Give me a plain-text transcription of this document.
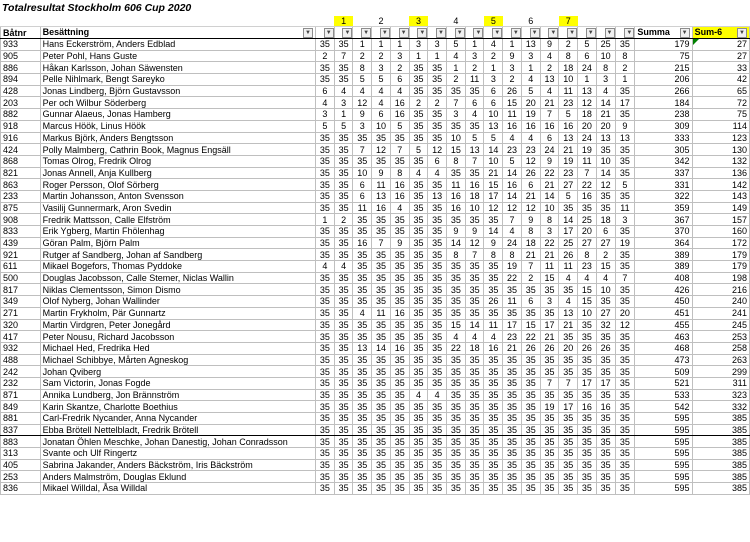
Totalresultat Stockholm 606 Cup 2020
			1		2		3		4		5		6		7					
Båtnr	Besättning ▼	▼	▼	▼	▼	▼	▼	▼	▼	▼	▼	▼	▼	▼	▼	▼	▼	▼	Summa ▼	Sum-6 ▼

933	Hans Eckerström, Anders Edblad	35	35	1	1	1	3	3	5	1	4	1	13	9	2	5	25	35	179	27

905	Peter Pohl, Hans Guste	2	7	2	2	3	1	1	4	3	2	9	3	4	8	6	10	8	75	27
886	Håkan Karlsson, Johan Säwensten	35	35	8	3	2	35	35	1	2	1	3	1	2	18	24	8	2	215	33
894	Pelle Nihlmark, Bengt Sareyko	35	35	5	5	6	35	35	2	11	3	2	4	13	10	1	3	1	206	42
428	Jonas Lindberg, Björn Gustavsson	6	4	4	4	4	35	35	35	35	6	26	5	4	11	13	4	35	266	65
203	Per och Wilbur Söderberg	4	3	12	4	16	2	2	7	6	6	15	20	21	23	12	14	17	184	72
882	Gunnar Alaeus, Jonas Hamberg	3	1	9	6	16	35	35	3	4	10	11	19	7	5	18	21	35	238	75
918	Marcus Höök, Linus Höök	5	5	3	10	5	35	35	35	35	13	16	16	16	16	20	20	9	309	114
916	Markus Björk, Anders Bengtsson	35	35	35	35	35	35	35	10	5	5	4	4	6	13	24	13	13	333	123
424	Polly Malmberg, Cathrin Book, Magnus Engsäll	35	35	7	12	7	5	12	15	13	14	23	23	24	21	19	35	35	305	130
868	Tomas Olrog, Fredrik Olrog	35	35	35	35	35	35	6	8	7	10	5	12	9	19	11	10	35	342	132
821	Jonas Annell, Anja Kullberg	35	35	10	9	8	4	4	35	35	21	14	26	22	23	7	14	35	337	136
863	Roger Persson, Olof Sörberg	35	35	6	11	16	35	35	11	16	15	16	6	21	27	22	12	5	331	142
233	Martin Johansson, Anton Svensson	35	35	6	13	16	35	13	16	18	17	14	21	14	5	16	35	35	322	143
875	Vasilij Gunnermark, Aron Svedin	35	35	11	16	4	35	35	16	10	12	12	12	10	35	35	35	11	359	149
908	Fredrik Mattsson, Calle Elfström	1	2	35	35	35	35	35	35	35	35	7	9	8	14	25	18	3	367	157
833	Erik Ygberg, Martin Fhölenhag	35	35	35	35	35	35	35	9	9	14	4	8	3	17	20	6	35	370	160
439	Göran Palm, Björn Palm	35	35	16	7	9	35	35	14	12	9	24	18	22	25	27	27	19	364	172
921	Rutger af Sandberg, Johan af Sandberg	35	35	35	35	35	35	35	8	7	8	8	21	21	26	8	2	35	389	179
611	Mikael Bogefors, Thomas Pyddoke	4	4	35	35	35	35	35	35	35	35	19	7	11	11	23	15	35	389	179
500	Douglas Jacobsson, Calle Stemer, Niclas Wallin	35	35	35	35	35	35	35	35	35	35	22	2	15	4	4	4	7	408	198
817	Niklas Clementsson, Simon Dismo	35	35	35	35	35	35	35	35	35	35	35	35	35	35	15	10	35	426	216
349	Olof Nyberg, Johan Wallinder	35	35	35	35	35	35	35	35	35	26	11	6	3	4	15	35	35	450	240
271	Martin Frykholm, Pär Gunnartz	35	35	4	11	16	35	35	35	35	35	35	35	35	13	10	27	20	451	241
320	Martin Virdgren, Peter Jonegård	35	35	35	35	35	35	35	15	14	11	17	15	17	21	35	32	12	455	245
417	Peter Nousu, Richard Jacobsson	35	35	35	35	35	35	35	4	4	4	23	22	21	35	35	35	35	463	253
932	Michael Hed, Fredrika Hed	35	35	13	14	16	35	35	22	18	16	21	26	26	20	26	26	35	468	258
488	Michael Schibbye, Mårten Agneskog	35	35	35	35	35	35	35	35	35	35	35	35	35	35	35	35	35	473	263
242	Johan Qviberg	35	35	35	35	35	35	35	35	35	35	35	35	35	35	35	35	35	509	299
232	Sam Victorin, Jonas Fogde	35	35	35	35	35	35	35	35	35	35	35	35	7	7	17	17	35	521	311
871	Annika Lundberg, Jon Brännström	35	35	35	35	35	4	4	35	35	35	35	35	35	35	35	35	35	533	323
849	Karin Skantze, Charlotte Boethius	35	35	35	35	35	35	35	35	35	35	35	35	19	17	16	16	35	542	332
881	Carl-Fredrik Nycander, Anna Nycander	35	35	35	35	35	35	35	35	35	35	35	35	35	35	35	35	35	595	385
837	Ebba Brötell Nettelbladt, Fredrik Brötell	35	35	35	35	35	35	35	35	35	35	35	35	35	35	35	35	35	595	385
883	Jonatan Öhlen Meschke, Johan Danestig, Johan Conradsson	35	35	35	35	35	35	35	35	35	35	35	35	35	35	35	35	35	595	385
313	Svante och Ulf Ringertz	35	35	35	35	35	35	35	35	35	35	35	35	35	35	35	35	35	595	385
405	Sabrina Jakander, Anders Bäckström, Iris Bäckström	35	35	35	35	35	35	35	35	35	35	35	35	35	35	35	35	35	595	385
253	Anders Malmström, Douglas Eklund	35	35	35	35	35	35	35	35	35	35	35	35	35	35	35	35	35	595	385
836	Mikael Willdal, Åsa Willdal	35	35	35	35	35	35	35	35	35	35	35	35	35	35	35	35	35	595	385
